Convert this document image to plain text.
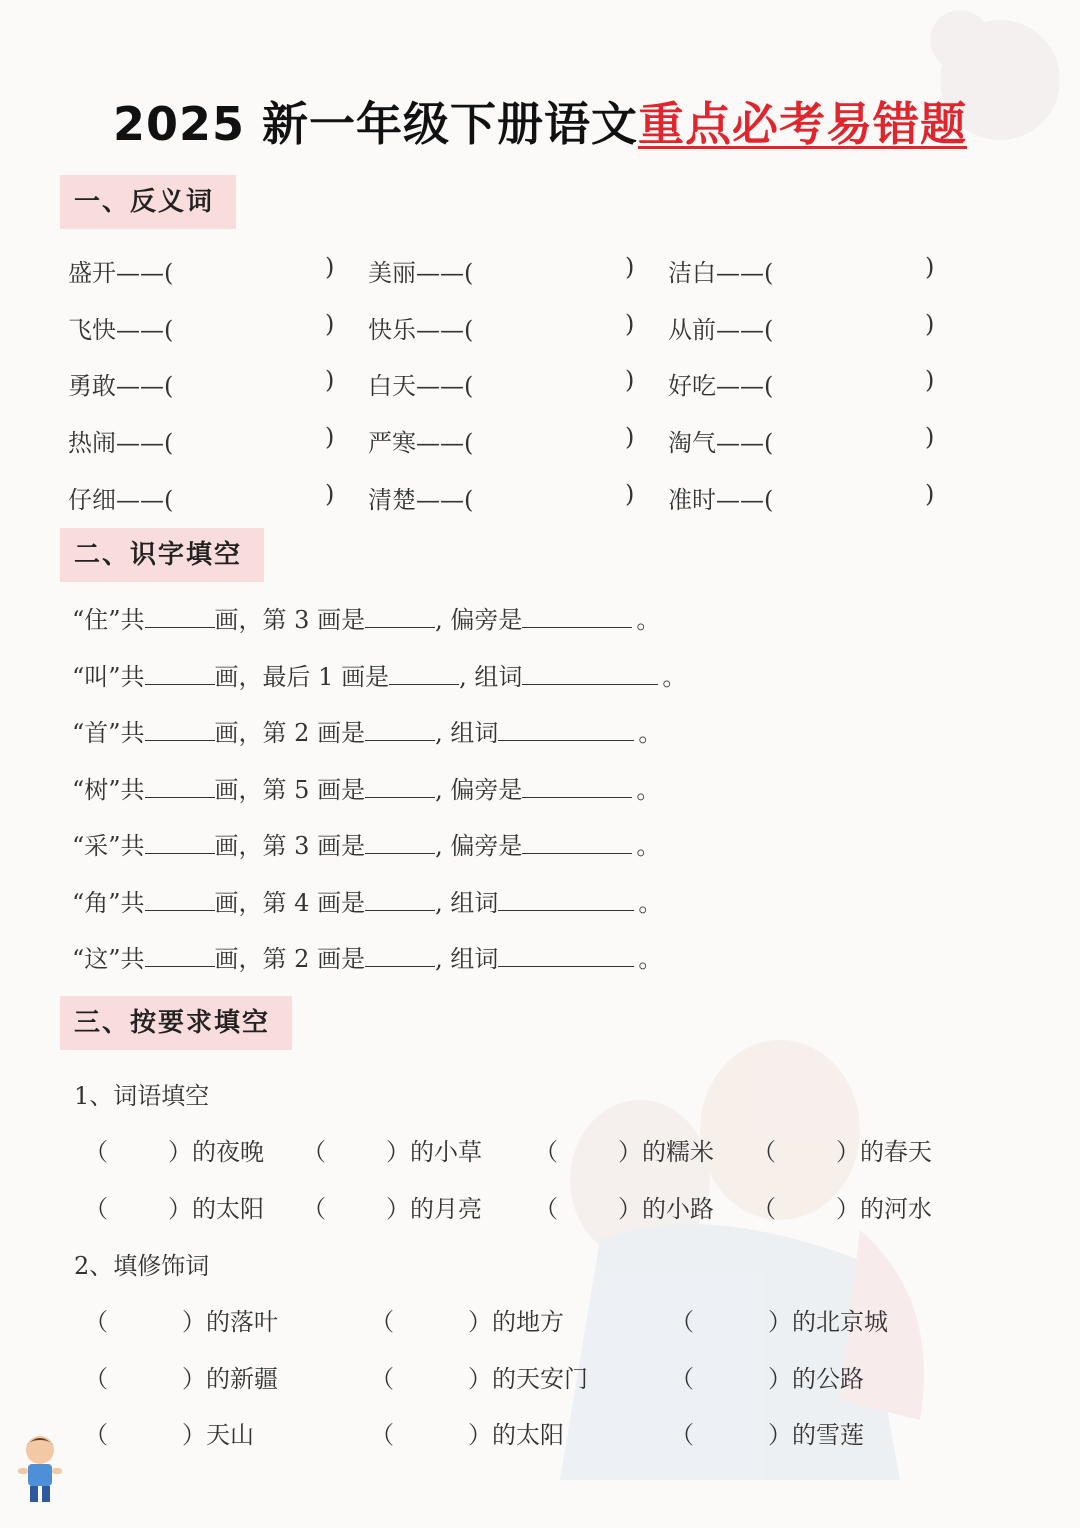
2025 新一年级下册语文重点必考易错题
一、反义词
盛开——(	) 美丽——(	) 洁白——(	)
飞快——(	) 快乐——(	) 从前——(	)
勇敢——(	) 白天——(	) 好吃——(	)
热闹——(	) 严寒——(	) 淘气——(	)
仔细——(	) 清楚——(	) 准时——(	)
二、识字填空
“住”共	画，第 3 画是	, 偏旁是	。
“叫”共	画，最后 1 画是	, 组词	。
“首”共	画，第 2 画是	, 组词	。
“树”共	画，第 5 画是	, 偏旁是	。
“采”共	画，第 3 画是	, 偏旁是	。
“角”共	画，第 4 画是	, 组词	。
“这”共	画，第 2 画是	, 组词	。
三、按要求填空
1、词语填空
（	）的夜晚 （	）的小草 （	）的糯米 （	）的春天
（	）的太阳 （	）的月亮 （	）的小路 （	）的河水
2、填修饰词
（	）的落叶	（	）的地方	（	）的北京城
（	）的新疆	（	）的天安门	（	）的公路
（	）天山	（	）的太阳	（	）的雪莲
